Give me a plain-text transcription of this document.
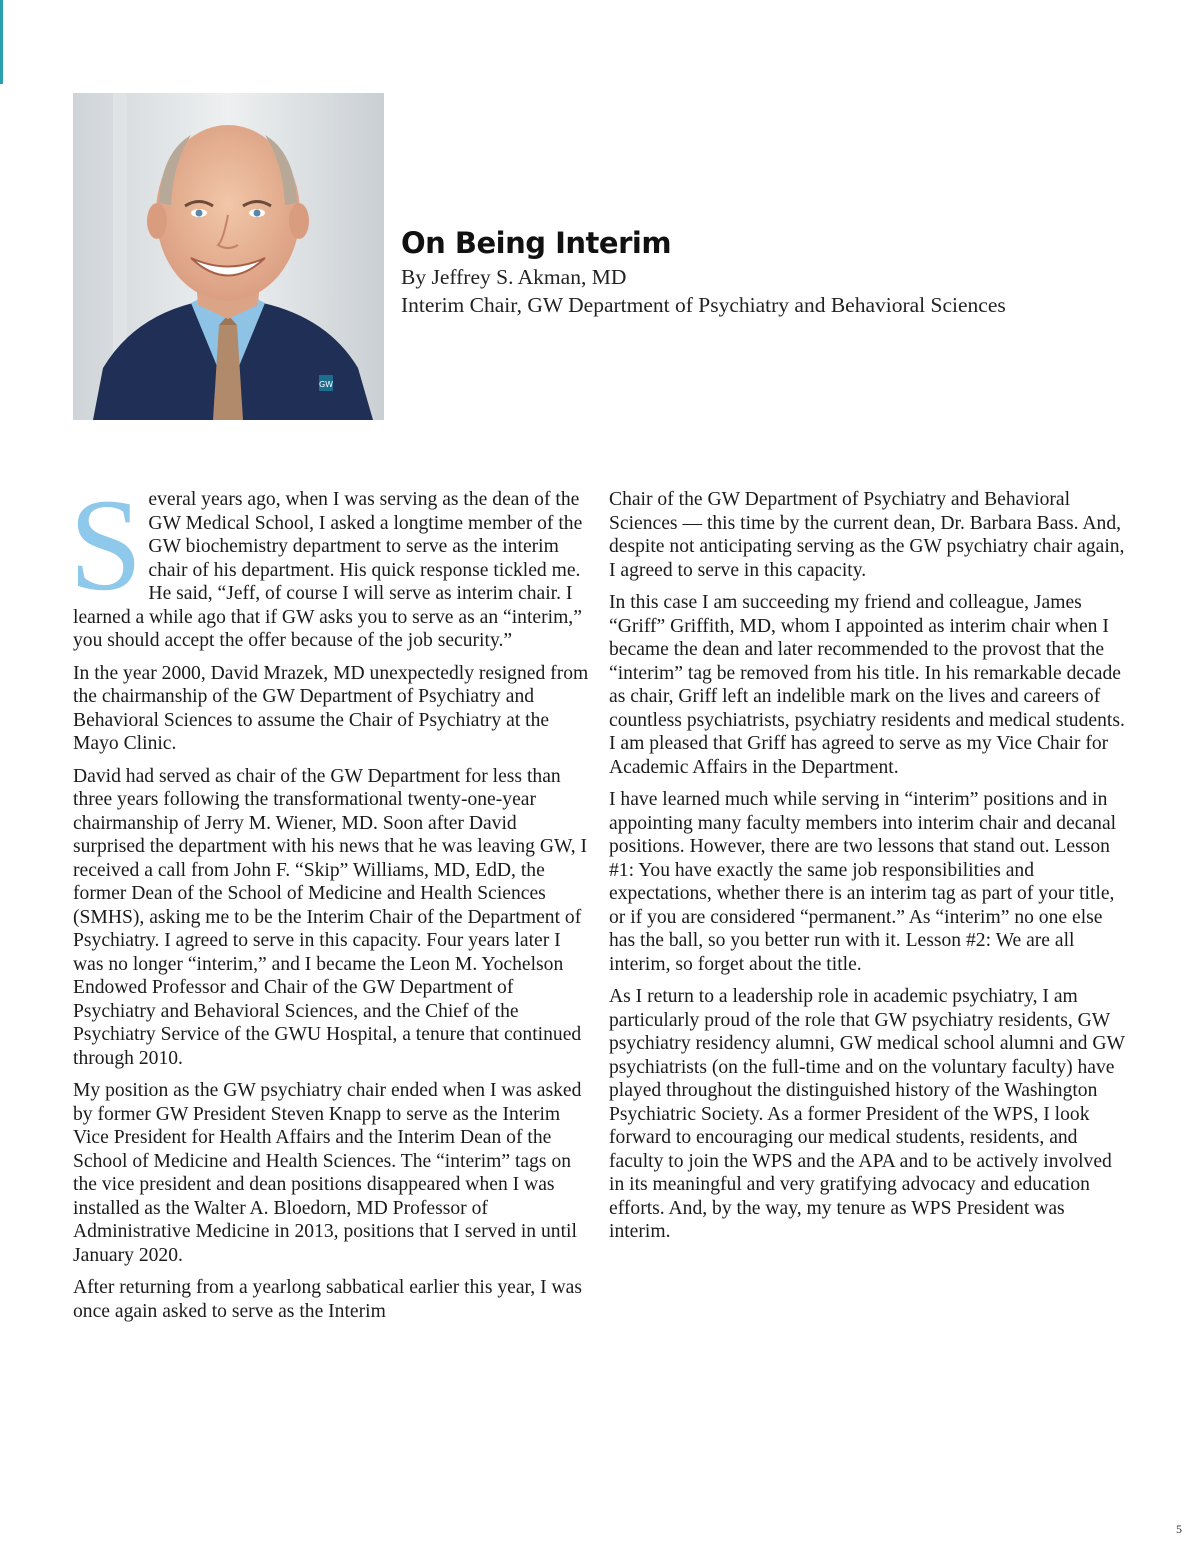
GW
On Being Interim

By Jeffrey S. Akman, MD

Interim Chair, GW Department of Psychiatry and Behavioral Sciences

Several years ago, when I was serving as the dean of the GW Medical School, I asked a longtime member of the GW biochemistry department to serve as the interim chair of his department. His quick response tickled me. He said, “Jeff, of course I will serve as interim chair. I learned a while ago that if GW asks you to serve as an “interim,” you should accept the offer because of the job security.”

In the year 2000, David Mrazek, MD unexpectedly resigned from the chairmanship of the GW Department of Psychiatry and Behavioral Sciences to assume the Chair of Psychiatry at the Mayo Clinic.

David had served as chair of the GW Department for less than three years following the transformational twenty-one-year chairmanship of Jerry M. Wiener, MD. Soon after David surprised the department with his news that he was leaving GW, I received a call from John F. “Skip” Williams, MD, EdD, the former Dean of the School of Medicine and Health Sciences (SMHS), asking me to be the Interim Chair of the Department of Psychiatry. I agreed to serve in this capacity. Four years later I was no longer “interim,” and I became the Leon M. Yochelson Endowed Professor and Chair of the GW Department of Psychiatry and Behavioral Sciences, and the Chief of the Psychiatry Service of the GWU Hospital, a tenure that continued through 2010.

My position as the GW psychiatry chair ended when I was asked by former GW President Steven Knapp to serve as the Interim Vice President for Health Affairs and the Interim Dean of the School of Medicine and Health Sciences. The “interim” tags on the vice president and dean positions disappeared when I was installed as the Walter A. Bloedorn, MD Professor of Administrative Medicine in 2013, positions that I served in until January 2020.

After returning from a yearlong sabbatical earlier this year, I was once again asked to serve as the Interim

Chair of the GW Department of Psychiatry and Behavioral Sciences — this time by the current dean, Dr. Barbara Bass. And, despite not anticipating serving as the GW psychiatry chair again, I agreed to serve in this capacity.

In this case I am succeeding my friend and colleague, James “Griff” Griffith, MD, whom I appointed as interim chair when I became the dean and later recommended to the provost that the “interim” tag be removed from his title. In his remarkable decade as chair, Griff left an indelible mark on the lives and careers of countless psychiatrists, psychiatry residents and medical students. I am pleased that Griff has agreed to serve as my Vice Chair for Academic Affairs in the Department.

I have learned much while serving in “interim” positions and in appointing many faculty members into interim chair and decanal positions. However, there are two lessons that stand out. Lesson #1: You have exactly the same job responsibilities and expectations, whether there is an interim tag as part of your title, or if you are considered “permanent.” As “interim” no one else has the ball, so you better run with it. Lesson #2: We are all interim, so forget about the title.

As I return to a leadership role in academic psychiatry, I am particularly proud of the role that GW psychiatry residents, GW psychiatry residency alumni, GW medical school alumni and GW psychiatrists (on the full-time and on the voluntary faculty) have played throughout the distinguished history of the Washington Psychiatric Society. As a former President of the WPS, I look forward to encouraging our medical students, residents, and faculty to join the WPS and the APA and to be actively involved in its meaningful and very gratifying advocacy and education efforts. And, by the way, my tenure as WPS President was interim.

5
